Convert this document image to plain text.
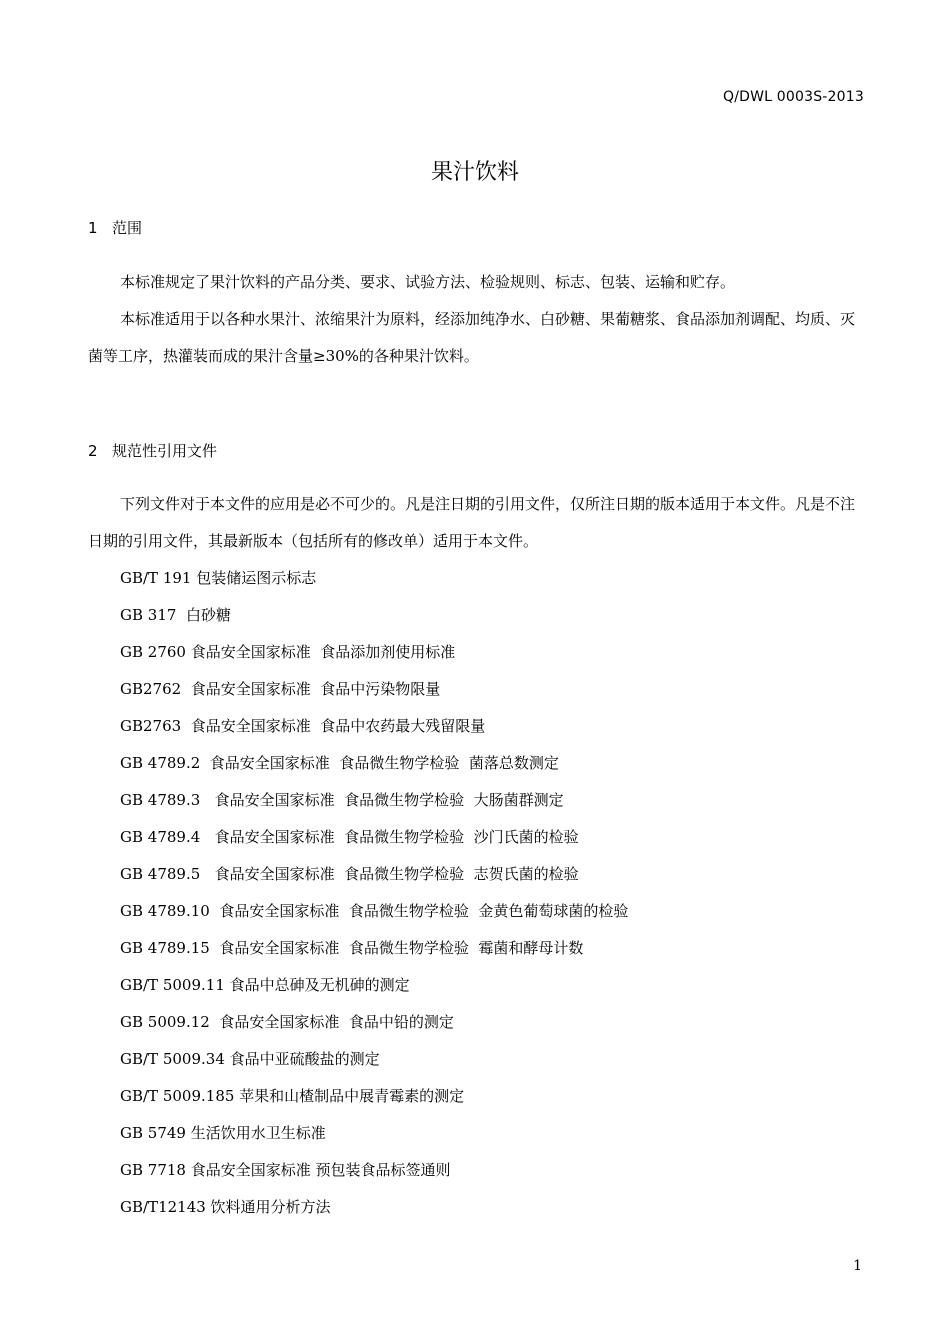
Q/DWL 0003S-2013
果汁饮料
1 范围

本标准规定了果汁饮料的产品分类、要求、试验方法、检验规则、标志、包装、运输和贮存。

本标准适用于以各种水果汁、浓缩果汁为原料，经添加纯净水、白砂糖、果葡糖浆、食品添加剂调配、均质、灭菌等工序，热灌装而成的果汁含量≥30%的各种果汁饮料。

2 规范性引用文件

下列文件对于本文件的应用是必不可少的。凡是注日期的引用文件，仅所注日期的版本适用于本文件。凡是不注日期的引用文件，其最新版本（包括所有的修改单）适用于本文件。

GB/T 191 包装储运图示标志
GB 317  白砂糖
GB 2760 食品安全国家标准  食品添加剂使用标准
GB2762  食品安全国家标准  食品中污染物限量
GB2763  食品安全国家标准  食品中农药最大残留限量
GB 4789.2  食品安全国家标准  食品微生物学检验  菌落总数测定
GB 4789.3   食品安全国家标准  食品微生物学检验  大肠菌群测定
GB 4789.4   食品安全国家标准  食品微生物学检验  沙门氏菌的检验
GB 4789.5   食品安全国家标准  食品微生物学检验  志贺氏菌的检验
GB 4789.10  食品安全国家标准  食品微生物学检验  金黄色葡萄球菌的检验
GB 4789.15  食品安全国家标准  食品微生物学检验  霉菌和酵母计数
GB/T 5009.11 食品中总砷及无机砷的测定
GB 5009.12  食品安全国家标准  食品中铅的测定
GB/T 5009.34 食品中亚硫酸盐的测定
GB/T 5009.185 苹果和山楂制品中展青霉素的测定
GB 5749 生活饮用水卫生标准
GB 7718 食品安全国家标准 预包装食品标签通则
GB/T12143 饮料通用分析方法
1
